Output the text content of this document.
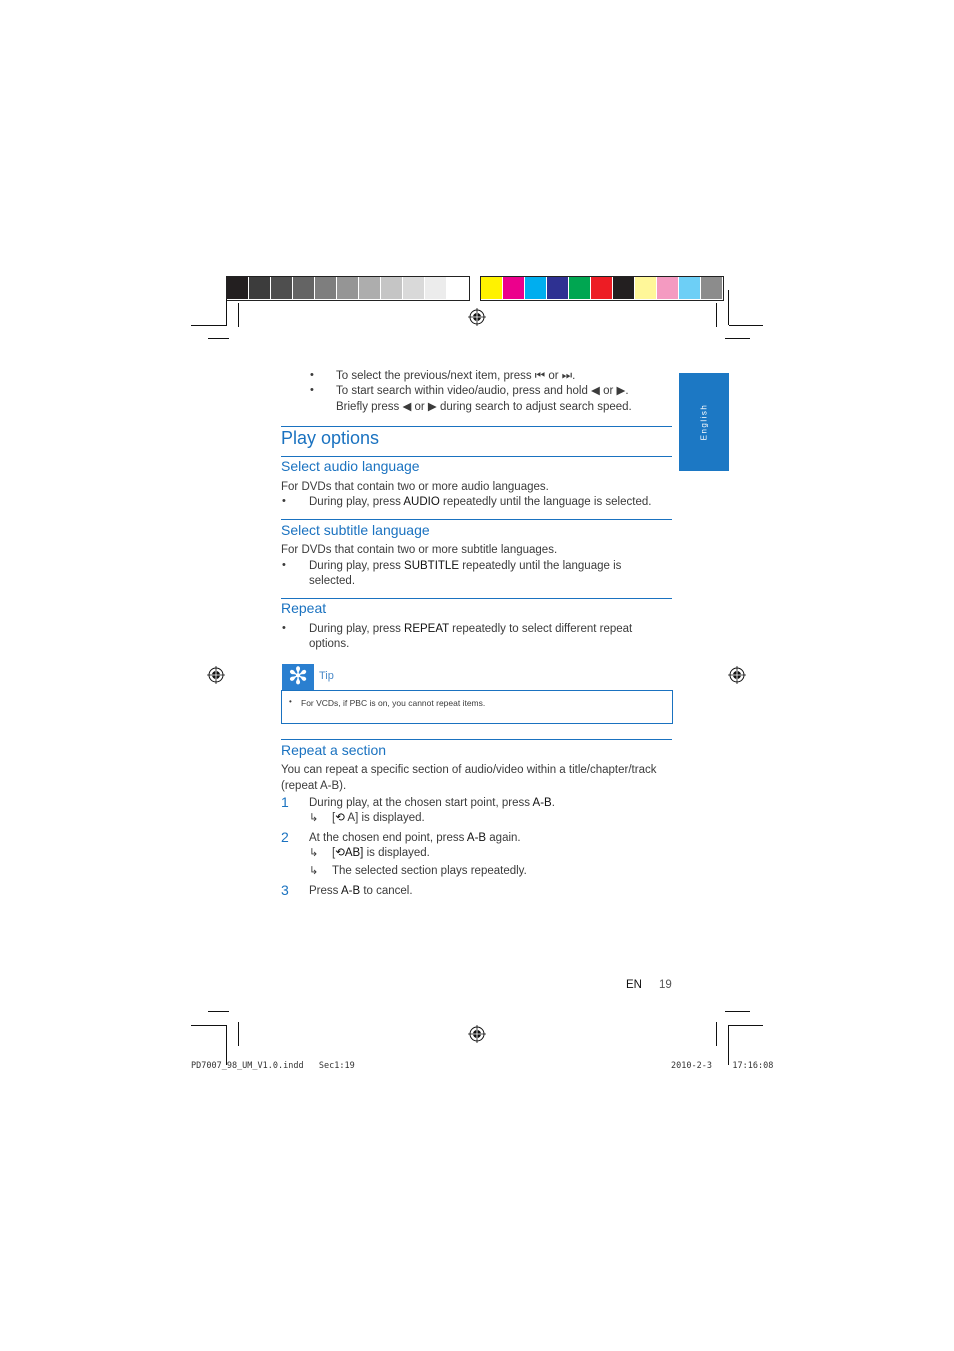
English
• To select the previous/next item, press ⏮ or ⏭.
• To start search within video/audio, press and hold ◀ or ▶.
Briefly press ◀ or ▶ during search to adjust search speed.
Play options
Select audio language
For DVDs that contain two or more audio languages.
• During play, press AUDIO repeatedly until the language is selected.
Select subtitle language
For DVDs that contain two or more subtitle languages.
• During play, press SUBTITLE repeatedly until the language is
selected.
Repeat
• During play, press REPEAT repeatedly to select different repeat
options.
✻ Tip
• For VCDs, if PBC is on, you cannot repeat items.
Repeat a section
You can repeat a specific section of audio/video within a title/chapter/track
(repeat A-B).
1 During play, at the chosen start point, press A-B.
↳ [⟲ A] is displayed.
2 At the chosen end point, press A-B again.
↳ [⟲AB] is displayed.
↳ The selected section plays repeatedly.
3 Press A-B to cancel.
EN 19
PD7007_98_UM_V1.0.indd   Sec1:19	2010-2-3    17:16:08
